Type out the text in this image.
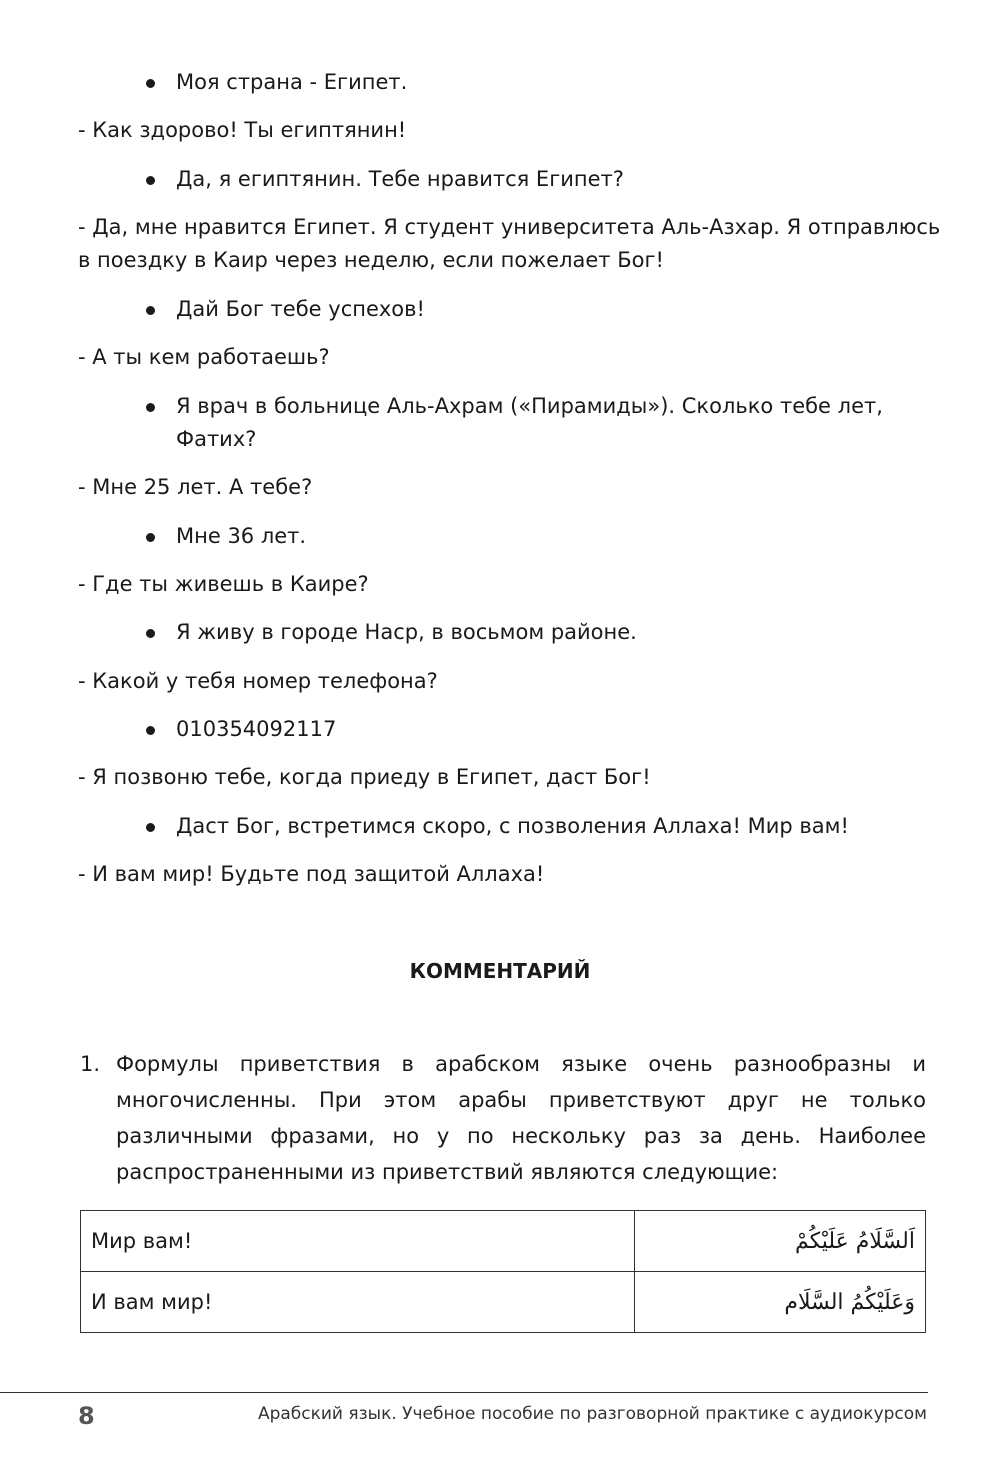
Моя страна - Египет.
- Как здорово! Ты египтянин!
Да, я египтянин. Тебе нравится Египет?
- Да, мне нравится Египет. Я студент университета Аль-Азхар. Я отправлюсь
в поездку в Каир через неделю, если пожелает Бог!
Дай Бог тебе успехов!
- А ты кем работаешь?
Я врач в больнице Аль-Ахрам («Пирамиды»). Сколько тебе лет,
Фатих?
- Мне 25 лет. А тебе?
Мне 36 лет.
- Где ты живешь в Каире?
Я живу в городе Наср, в восьмом районе.
- Какой у тебя номер телефона?
010354092117
- Я позвоню тебе, когда приеду в Египет, даст Бог!
Даст Бог, встретимся скоро, с позволения Аллаха! Мир вам!
- И вам мир! Будьте под защитой Аллаха!
КОММЕНТАРИЙ
1. Формулы приветствия в арабском языке очень разнообразны и многочисленны. При этом арабы приветствуют друг не только различными фразами, но у по нескольку раз за день. Наиболее распространенными из приветствий являются следующие:
Мир вам!	اَلسَّلَامُ عَلَيْكُمْ
И вам мир!	وَعَلَيْكُمُ السَّلَام
8	Арабский язык. Учебное пособие по разговорной практике с аудиокурсом
